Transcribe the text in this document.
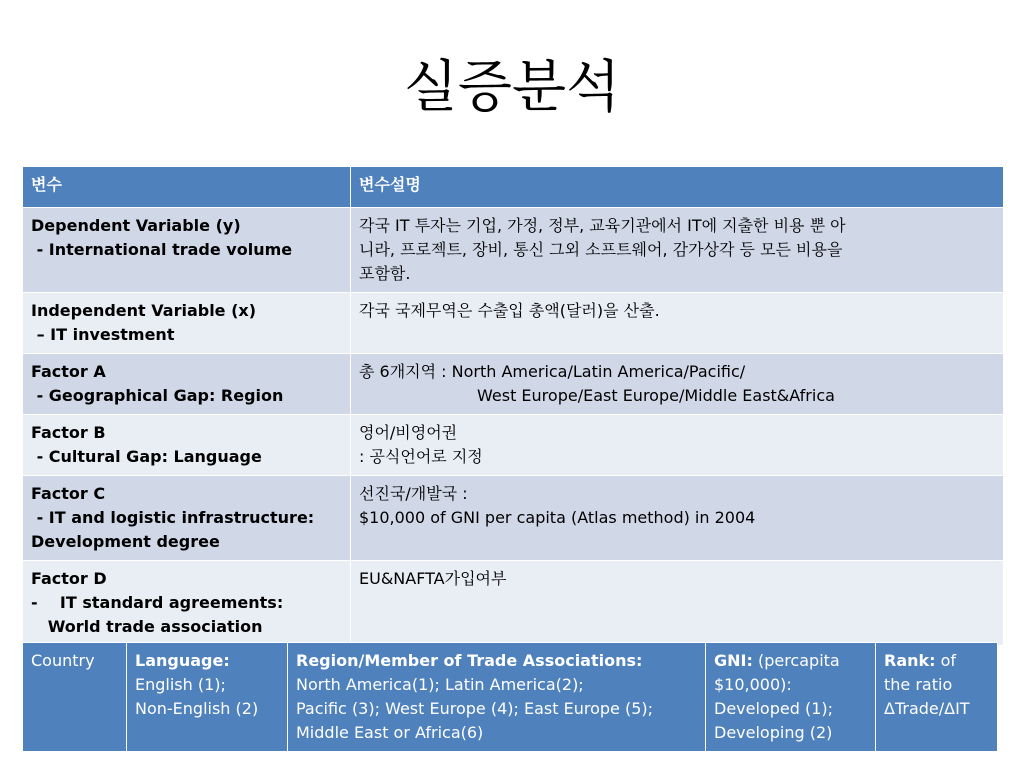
실증분석
변수	변수설명

Dependent Variable (y)
- International trade volume	각국 IT 투자는 기업, 가정, 정부, 교육기관에서 IT에 지출한 비용 뿐 아
니라, 프로젝트, 장비, 통신 그외 소프트웨어, 감가상각 등 모든 비용을
포함함.

Independent Variable (x)
– IT investment	각국 국제무역은 수출입 총액(달러)을 산출.

Factor A
- Geographical Gap: Region	총 6개지역 : North America/Latin America/Pacific/
West Europe/East Europe/Middle East&Africa

Factor B
- Cultural Gap: Language	영어/비영어권
: 공식언어로 지정

Factor C
- IT and logistic infrastructure:
Development degree	선진국/개발국 :
$10,000 of GNI per capita (Atlas method) in 2004

Factor D
-    IT standard agreements:
World trade association	EU&NAFTA가입여부
Country	Language:
English (1);
Non-English (2)

Region/Member of Trade Associations:
North America(1); Latin America(2);
Pacific (3); West Europe (4); East Europe (5);
Middle East or Africa(6)

GNI: (percapita
$10,000):
Developed (1);
Developing (2)

Rank: of
the ratio
ΔTrade/ΔIT
